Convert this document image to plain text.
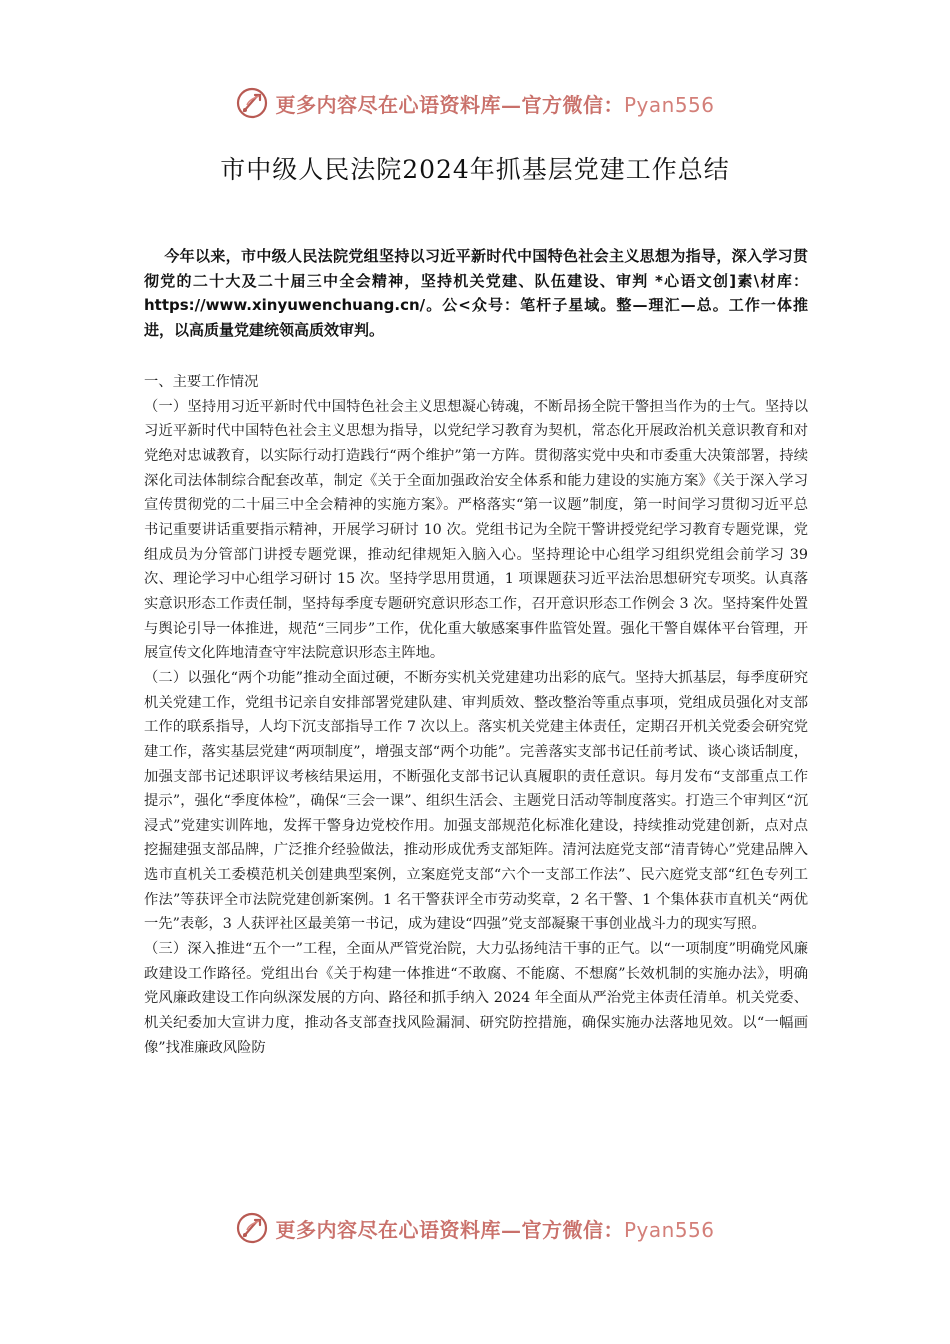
更多内容尽在心语资料库—官方微信：Pyan556
市中级人民法院2024年抓基层党建工作总结
今年以来，市中级人民法院党组坚持以习近平新时代中国特色社会主义思想为指导，深入学习贯彻党的二十大及二十届三中全会精神，坚持机关党建、队伍建设、审判 *心语文创]素\材库：https://www.xinyuwenchuang.cn/。公<众号：笔杆子星域。整—理汇—总。工作一体推进，以高质量党建统领高质效审判。

一、主要工作情况

（一）坚持用习近平新时代中国特色社会主义思想凝心铸魂，不断昂扬全院干警担当作为的士气。坚持以习近平新时代中国特色社会主义思想为指导，以党纪学习教育为契机，常态化开展政治机关意识教育和对党绝对忠诚教育，以实际行动打造践行“两个维护”第一方阵。贯彻落实党中央和市委重大决策部署，持续深化司法体制综合配套改革，制定《关于全面加强政治安全体系和能力建设的实施方案》《关于深入学习宣传贯彻党的二十届三中全会精神的实施方案》。严格落实“第一议题”制度，第一时间学习贯彻习近平总书记重要讲话重要指示精神，开展学习研讨 10 次。党组书记为全院干警讲授党纪学习教育专题党课，党组成员为分管部门讲授专题党课，推动纪律规矩入脑入心。坚持理论中心组学习组织党组会前学习 39 次、理论学习中心组学习研讨 15 次。坚持学思用贯通，1 项课题获习近平法治思想研究专项奖。认真落实意识形态工作责任制，坚持每季度专题研究意识形态工作，召开意识形态工作例会 3 次。坚持案件处置与舆论引导一体推进，规范“三同步”工作，优化重大敏感案事件监管处置。强化干警自媒体平台管理，开展宣传文化阵地清查守牢法院意识形态主阵地。

（二）以强化“两个功能”推动全面过硬，不断夯实机关党建建功出彩的底气。坚持大抓基层，每季度研究机关党建工作，党组书记亲自安排部署党建队建、审判质效、整改整治等重点事项，党组成员强化对支部工作的联系指导，人均下沉支部指导工作 7 次以上。落实机关党建主体责任，定期召开机关党委会研究党建工作，落实基层党建“两项制度”，增强支部“两个功能”。完善落实支部书记任前考试、谈心谈话制度，加强支部书记述职评议考核结果运用，不断强化支部书记认真履职的责任意识。每月发布“支部重点工作提示”，强化“季度体检”，确保“三会一课”、组织生活会、主题党日活动等制度落实。打造三个审判区“沉浸式”党建实训阵地，发挥干警身边党校作用。加强支部规范化标准化建设，持续推动党建创新，点对点挖掘建强支部品牌，广泛推介经验做法，推动形成优秀支部矩阵。清河法庭党支部“清青铸心”党建品牌入选市直机关工委模范机关创建典型案例，立案庭党支部“六个一支部工作法”、民六庭党支部“红色专列工作法”等获评全市法院党建创新案例。1 名干警获评全市劳动奖章，2 名干警、1 个集体获市直机关“两优一先”表彰，3 人获评社区最美第一书记，成为建设“四强”党支部凝聚干事创业战斗力的现实写照。

（三）深入推进“五个一”工程，全面从严管党治院，大力弘扬纯洁干事的正气。以“一项制度”明确党风廉政建设工作路径。党组出台《关于构建一体推进“不敢腐、不能腐、不想腐”长效机制的实施办法》，明确党风廉政建设工作向纵深发展的方向、路径和抓手纳入 2024 年全面从严治党主体责任清单。机关党委、机关纪委加大宣讲力度，推动各支部查找风险漏洞、研究防控措施，确保实施办法落地见效。以“一幅画像”找准廉政风险防

更多内容尽在心语资料库—官方微信：Pyan556
